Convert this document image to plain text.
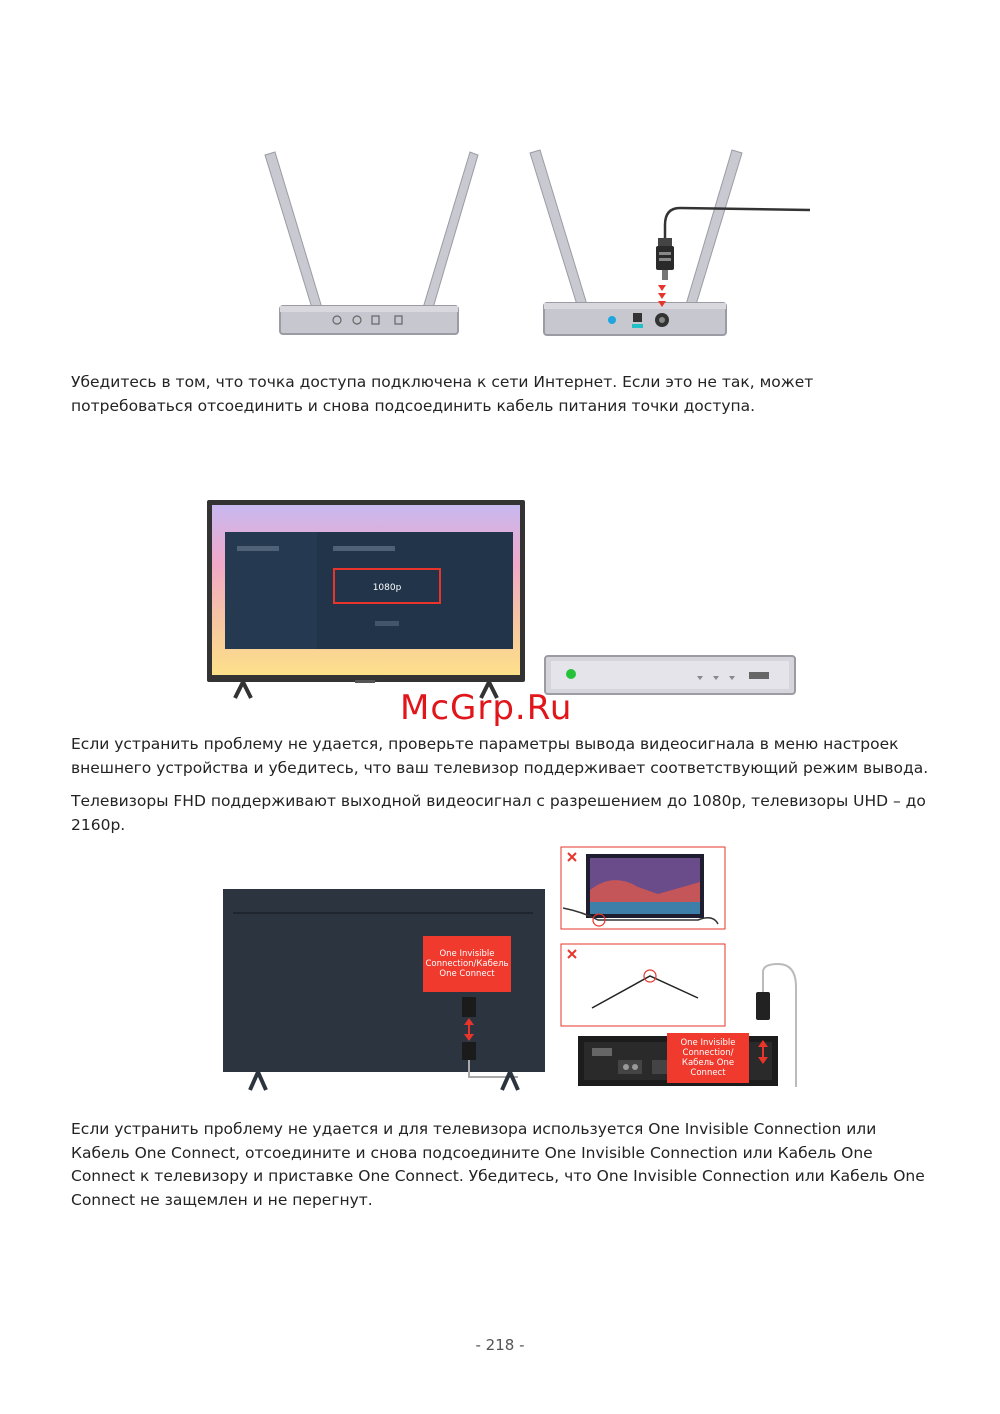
Убедитесь в том, что точка доступа подключена к сети Интернет. Если это не так, может потребоваться отсоединить и снова подсоединить кабель питания точки доступа.
1080p
McGrp.Ru
Если устранить проблему не удается, проверьте параметры вывода видеосигнала в меню настроек внешнего устройства и убедитесь, что ваш телевизор поддерживает соответствующий режим вывода.
Телевизоры FHD поддерживают выходной видеосигнал с разрешением до 1080p, телевизоры UHD – до 2160p.
One Invisible Connection/Кабель One Connect
One Invisible Connection/Кабель One Connect
Если устранить проблему не удается и для телевизора используется One Invisible Connection или Кабель One Connect, отсоедините и снова подсоедините One Invisible Connection или Кабель One Connect к телевизору и приставке One Connect. Убедитесь, что One Invisible Connection или Кабель One Connect не защемлен и не перегнут.
- 218 -
